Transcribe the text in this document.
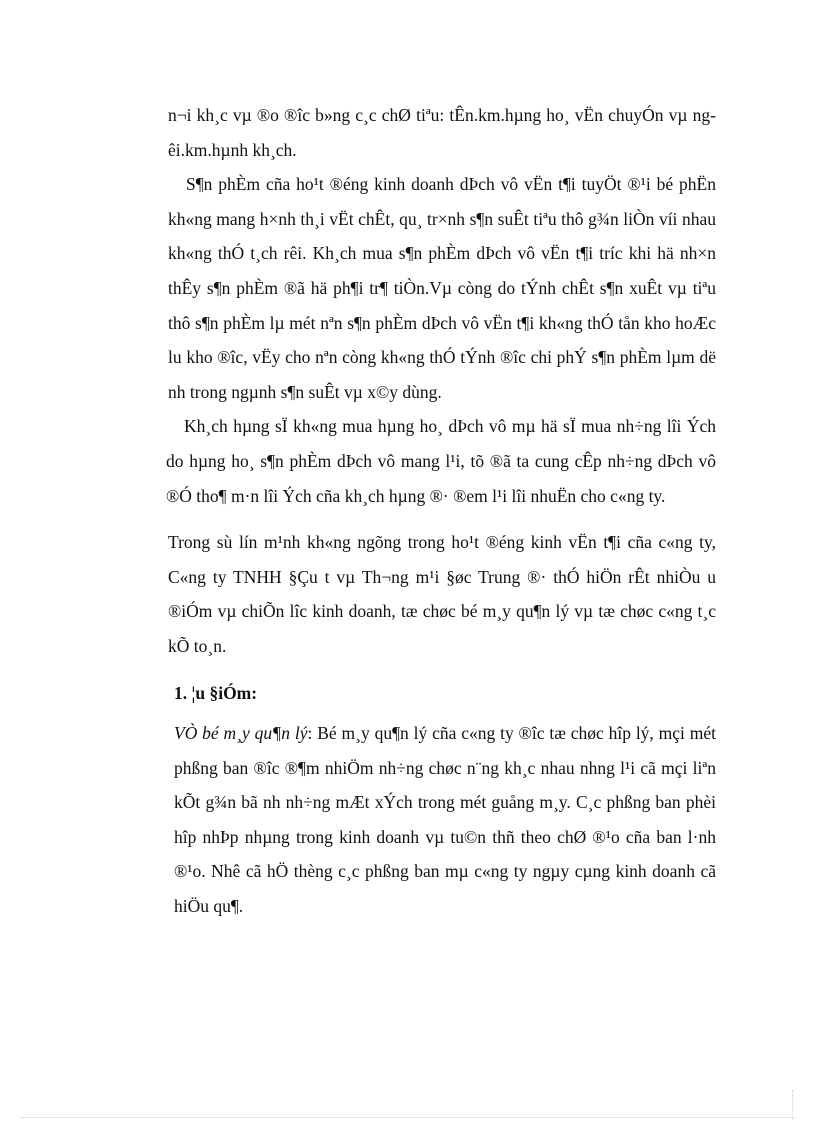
n¬i kh¸c vµ ®o ®îc b»ng c¸c chØ tiªu: tÊn.km.hµng ho¸ vËn chuyÓn vµ ngêi.km.hµnh kh¸ch.

S¶n phÈm cña ho¹t ®éng kinh doanh dÞch vô vËn t¶i tuyÖt ®¹i bé phËn kh«ng mang h×nh th¸i vËt chÊt, qu¸ tr×nh s¶n suÊt tiªu thô g¾n liÒn víi nhau kh«ng thÓ t¸ch rêi. Kh¸ch mua s¶n phÈm dÞch vô vËn t¶i tríc khi hä nh×n thÊy s¶n phÈm ®ã hä ph¶i tr¶ tiÒn.Vµ còng do tÝnh chÊt s¶n xuÊt vµ tiªu thô s¶n phÈm lµ mét nªn s¶n phÈm dÞch vô vËn t¶i kh«ng thÓ tån kho hoÆc lu kho ®îc, vËy cho nªn còng kh«ng thÓ tÝnh ®îc chi phÝ s¶n phÈm lµm dë nh trong ngµnh s¶n suÊt vµ x©y dùng.

Kh¸ch hµng sÏ kh«ng mua hµng ho¸ dÞch vô mµ hä sÏ mua nh÷ng lîi Ých do hµng ho¸ s¶n phÈm dÞch vô mang l¹i, tõ ®ã ta cung cÊp nh÷ng dÞch vô ®Ó tho¶ m·n lîi Ých cña kh¸ch hµng ®· ®em l¹i lîi nhuËn cho c«ng ty.

Trong sù lín m¹nh kh«ng ngõng trong ho¹t ®éng kinh vËn t¶i cña c«ng ty, C«ng ty TNHH §Çu t vµ Th¬ng m¹i §øc Trung ®· thÓ hiÖn rÊt nhiÒu u ®iÓm vµ chiÕn lîc kinh doanh, tæ chøc bé m¸y qu¶n lý vµ tæ chøc c«ng t¸c kÕ to¸n.

1. ¦u §iÓm:

VÒ bé m¸y qu¶n lý: Bé m¸y qu¶n lý cña c«ng ty ®îc tæ chøc hîp lý, mçi mét phßng ban ®îc ®¶m nhiÖm nh÷ng chøc n¨ng kh¸c nhau nhng l¹i cã mçi liªn kÕt g¾n bã nh nh÷ng mÆt xÝch trong mét guång m¸y. C¸c phßng ban phèi hîp nhÞp nhµng trong kinh doanh vµ tu©n thñ theo chØ ®¹o cña ban l·nh ®¹o. Nhê cã hÖ thèng c¸c phßng ban mµ c«ng ty ngµy cµng kinh doanh cã hiÖu qu¶.
